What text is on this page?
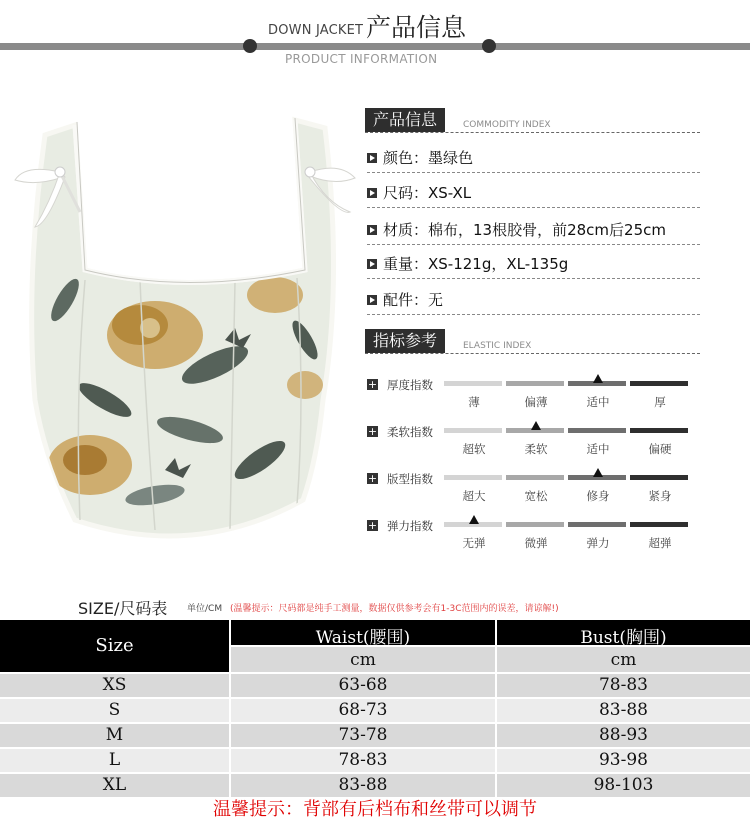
DOWN JACKET 产品信息
PRODUCT INFORMATION
产品信息	COMMODITY INDEX
颜色：墨绿色
尺码：XS-XL
材质：棉布，13根胶骨，前28cm后25cm
重量：XS-121g，XL-135g
配件：无
指标参考	ELASTIC INDEX
+ 厚度指数
薄	偏薄	适中	厚
+ 柔软指数
超软	柔软	适中	偏硬
+ 版型指数
超大	宽松	修身	紧身
+ 弹力指数
无弹	微弹	弹力	超弹
SIZE/尺码表 单位/CM (温馨提示：尺码都是纯手工测量，数据仅供参考会有1-3C范围内的误差，请谅解!)
Size	Waist(腰围)	Bust(胸围)
cm	cm
XS	63-68	78-83
S	68-73	83-88
M	73-78	88-93
L	78-83	93-98
XL	83-88	98-103
温馨提示：背部有后档布和丝带可以调节
